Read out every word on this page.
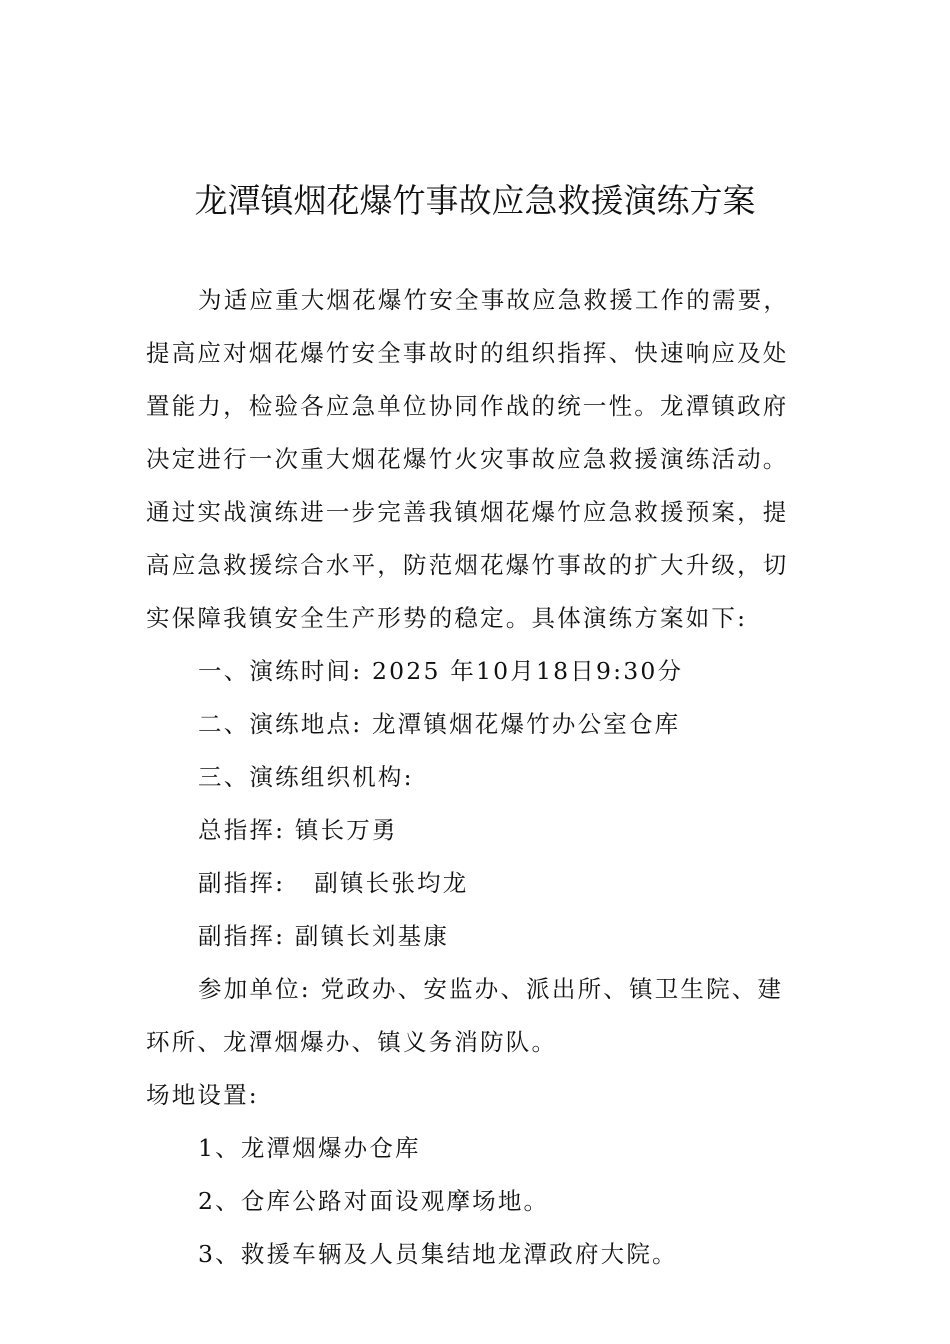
龙潭镇烟花爆竹事故应急救援演练方案

为适应重大烟花爆竹安全事故应急救援工作的需要，
提高应对烟花爆竹安全事故时的组织指挥、快速响应及处
置能力，检验各应急单位协同作战的统一性。龙潭镇政府
决定进行一次重大烟花爆竹火灾事故应急救援演练活动。
通过实战演练进一步完善我镇烟花爆竹应急救援预案，提
高应急救援综合水平，防范烟花爆竹事故的扩大升级，切
实保障我镇安全生产形势的稳定。具体演练方案如下:

一、演练时间: 2025 年10月18日9:30分

二、演练地点: 龙潭镇烟花爆竹办公室仓库

三、演练组织机构:

总指挥: 镇长万勇

副指挥:   副镇长张均龙

副指挥: 副镇长刘基康

参加单位: 党政办、安监办、派出所、镇卫生院、建
环所、龙潭烟爆办、镇义务消防队。

场地设置:

1、龙潭烟爆办仓库

2、仓库公路对面设观摩场地。

3、救援车辆及人员集结地龙潭政府大院。
